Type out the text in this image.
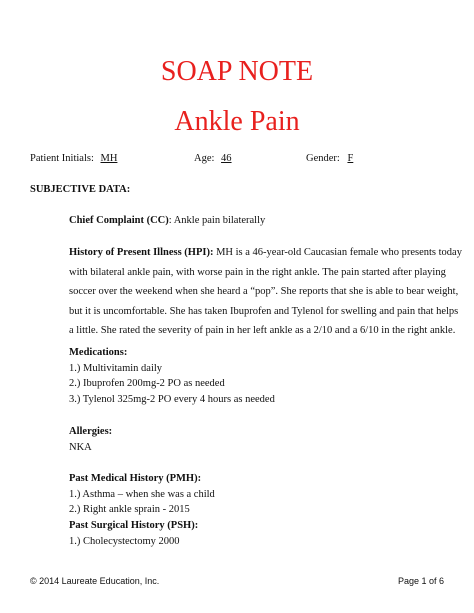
SOAP NOTE
Ankle Pain
Patient Initials: MH	Age: 46	Gender: F
SUBJECTIVE DATA:
Chief Complaint (CC): Ankle pain bilaterally

History of Present Illness (HPI): MH is a 46-year-old Caucasian female who presents today

with bilateral ankle pain, with worse pain in the right ankle. The pain started after playing

soccer over the weekend when she heard a “pop”. She reports that she is able to bear weight,

but it is uncomfortable. She has taken Ibuprofen and Tylenol for swelling and pain that helps

a little. She rated the severity of pain in her left ankle as a 2/10 and a 6/10 in the right ankle.

Medications:
1.) Multivitamin daily
2.) Ibuprofen 200mg-2 PO as needed
3.) Tylenol 325mg-2 PO every 4 hours as needed
Allergies:
NKA
Past Medical History (PMH):
1.) Asthma – when she was a child
2.) Right ankle sprain - 2015
Past Surgical History (PSH):
1.) Cholecystectomy 2000
© 2014 Laureate Education, Inc.	Page 1 of 6
